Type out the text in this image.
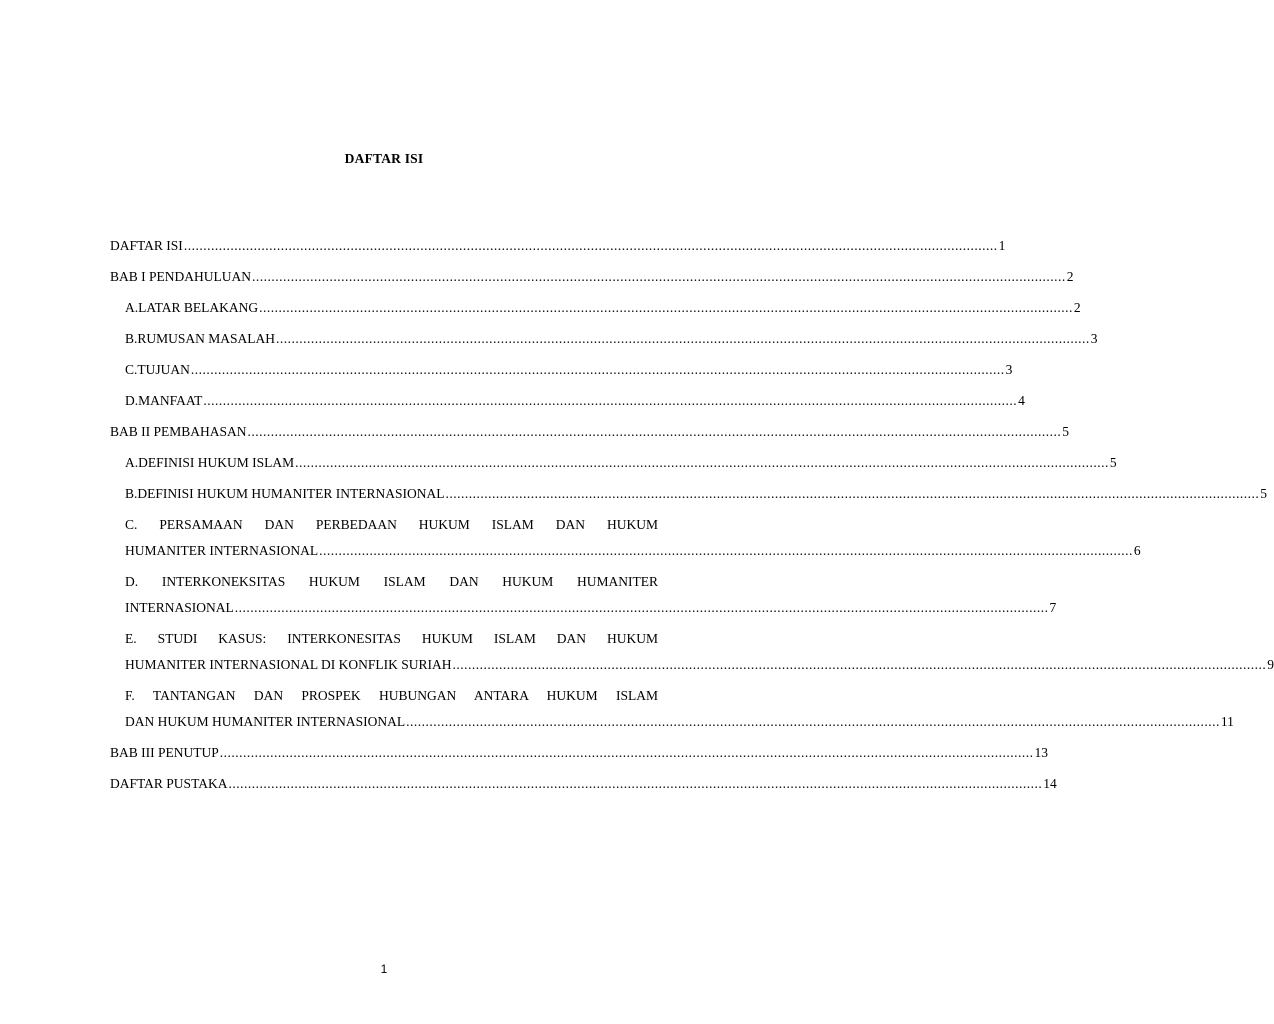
DAFTAR ISI
DAFTAR ISI .................................................................................................................................................................................................................. 1
BAB I PENDAHULUAN .................................................................................................................................................................................................................. 2
A. LATAR BELAKANG .................................................................................................................................................................................................................. 2
B. RUMUSAN MASALAH .................................................................................................................................................................................................................. 3
C. TUJUAN .................................................................................................................................................................................................................. 3
D. MANFAAT .................................................................................................................................................................................................................. 4
BAB II PEMBAHASAN .................................................................................................................................................................................................................. 5
A. DEFINISI HUKUM ISLAM .................................................................................................................................................................................................................. 5
B. DEFINISI HUKUM HUMANITER INTERNASIONAL .................................................................................................................................................................................................................. 5
C. PERSAMAAN DAN PERBEDAAN HUKUM ISLAM DAN HUKUM
HUMANITER INTERNASIONAL .................................................................................................................................................................................................................. 6
D. INTERKONEKSITAS HUKUM ISLAM DAN HUKUM HUMANITER
INTERNASIONAL .................................................................................................................................................................................................................. 7
E. STUDI KASUS: INTERKONESITAS HUKUM ISLAM DAN HUKUM
HUMANITER INTERNASIONAL DI KONFLIK SURIAH .................................................................................................................................................................................................................. 9
F. TANTANGAN DAN PROSPEK HUBUNGAN ANTARA HUKUM ISLAM
DAN HUKUM HUMANITER INTERNASIONAL .................................................................................................................................................................................................................. 11
BAB III PENUTUP .................................................................................................................................................................................................................. 13
DAFTAR PUSTAKA .................................................................................................................................................................................................................. 14
1
